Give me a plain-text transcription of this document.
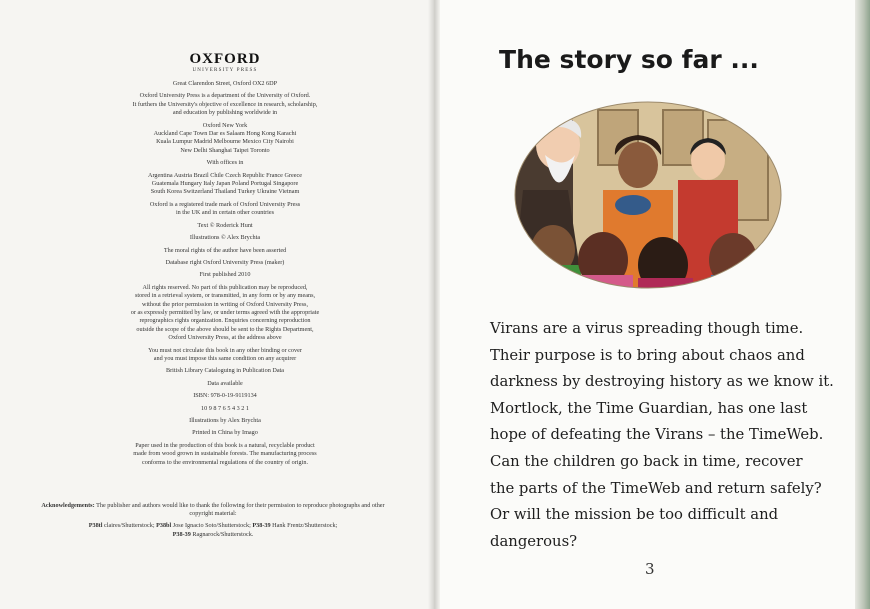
OXFORD
UNIVERSITY PRESS

Great Clarendon Street, Oxford OX2 6DP

Oxford University Press is a department of the University of Oxford.
It furthers the University's objective of excellence in research, scholarship,
and education by publishing worldwide in

Oxford New York
Auckland Cape Town Dar es Salaam Hong Kong Karachi
Kuala Lumpur Madrid Melbourne Mexico City Nairobi
New Delhi Shanghai Taipei Toronto

With offices in

Argentina Austria Brazil Chile Czech Republic France Greece
Guatemala Hungary Italy Japan Poland Portugal Singapore
South Korea Switzerland Thailand Turkey Ukraine Vietnam

Oxford is a registered trade mark of Oxford University Press
in the UK and in certain other countries

Text © Roderick Hunt

Illustrations © Alex Brychta

The moral rights of the author have been asserted

Database right Oxford University Press (maker)

First published 2010

All rights reserved. No part of this publication may be reproduced,
stored in a retrieval system, or transmitted, in any form or by any means,
without the prior permission in writing of Oxford University Press,
or as expressly permitted by law, or under terms agreed with the appropriate
reprographics rights organization. Enquiries concerning reproduction
outside the scope of the above should be sent to the Rights Department,
Oxford University Press, at the address above

You must not circulate this book in any other binding or cover
and you must impose this same condition on any acquirer

British Library Cataloguing in Publication Data

Data available

ISBN: 978-0-19-9119134

10 9 8 7 6 5 4 3 2 1

Illustrations by Alex Brychta

Printed in China by Imago

Paper used in the production of this book is a natural, recyclable product
made from wood grown in sustainable forests. The manufacturing process
conforms to the environmental regulations of the country of origin.

Acknowledgements: The publisher and authors would like to thank the following for their permission to reproduce photographs and other copyright material:

P38tl claires/Shutterstock; P38bl Jose Ignacio Soto/Shutterstock; P38-39 Hank Frentz/Shutterstock;
P38-39 Ragnarock/Shutterstock.

The story so far ...
Virans are a virus spreading though time.
Their purpose is to bring about chaos and
darkness by destroying history as we know it.
Mortlock, the Time Guardian, has one last
hope of defeating the Virans – the TimeWeb.
Can the children go back in time, recover
the parts of the TimeWeb and return safely?
Or will the mission be too difficult and
dangerous?
3
